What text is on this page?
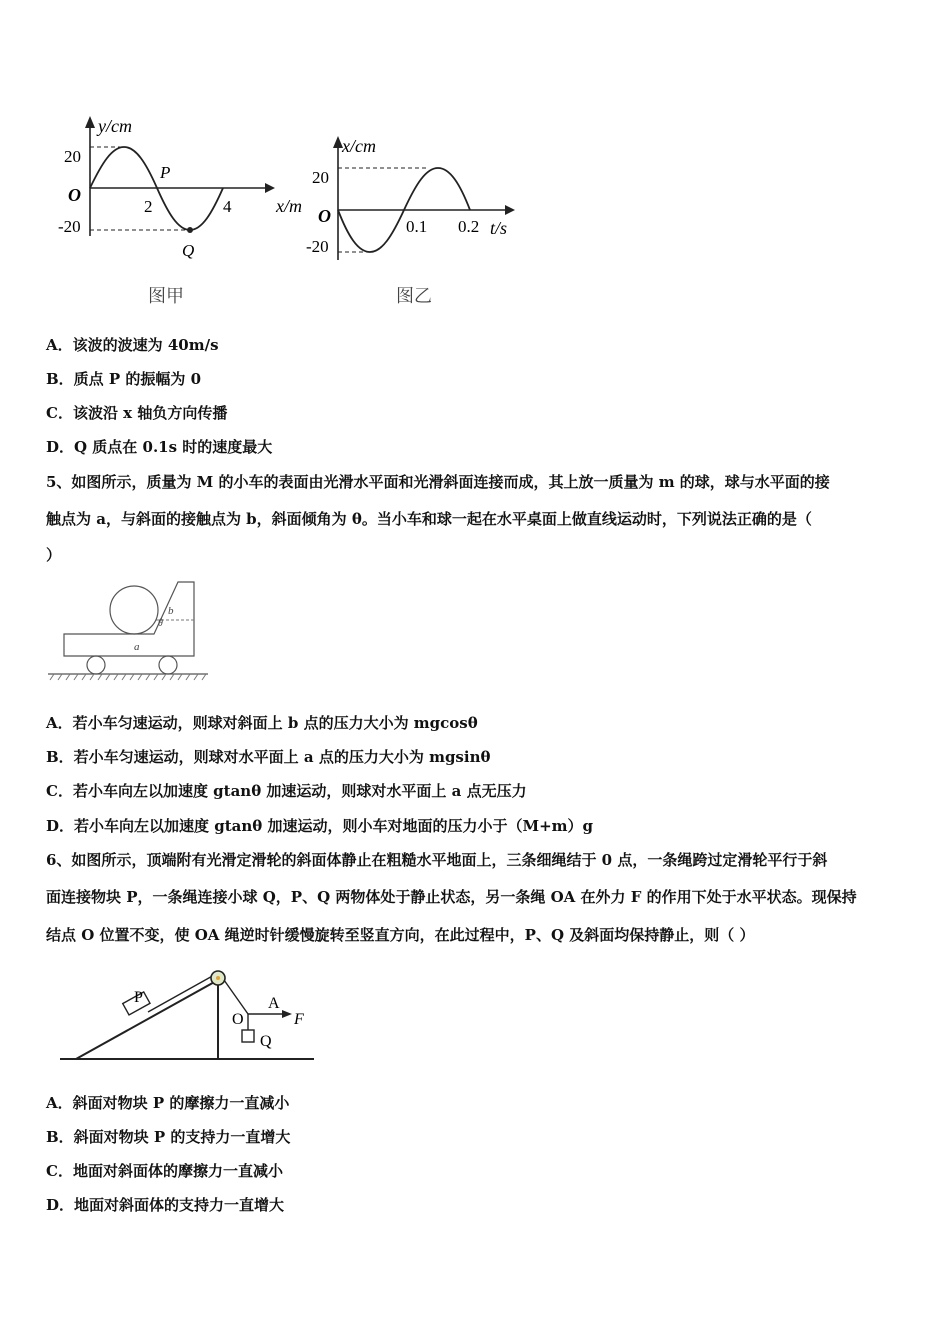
y/cm
x/m
O
20
-20
2	4
P
Q
图甲
x/cm
t/s
O
20
-20
0.1 0.2
图乙
A．该波的波速为 40m/s
B．质点 P 的振幅为 0
C．该波沿 x 轴负方向传播
D．Q 质点在 0.1s 时的速度最大
5、如图所示，质量为 M 的小车的表面由光滑水平面和光滑斜面连接而成，其上放一质量为 m 的球，球与水平面的接
触点为 a，与斜面的接触点为 b，斜面倾角为 θ。当小车和球一起在水平桌面上做直线运动时，下列说法正确的是（
）
a
b
θ
A．若小车匀速运动，则球对斜面上 b 点的压力大小为 mgcosθ
B．若小车匀速运动，则球对水平面上 a 点的压力大小为 mgsinθ
C．若小车向左以加速度 gtanθ 加速运动，则球对水平面上 a 点无压力
D．若小车向左以加速度 gtanθ 加速运动，则小车对地面的压力小于（M+m）g
6、如图所示，顶端附有光滑定滑轮的斜面体静止在粗糙水平地面上，三条细绳结于 0 点，一条绳跨过定滑轮平行于斜
面连接物块 P，一条绳连接小球 Q，P、Q 两物体处于静止状态，另一条绳 OA 在外力 F 的作用下处于水平状态。现保持
结点 O 位置不变，使 OA 绳逆时针缓慢旋转至竖直方向，在此过程中，P、Q 及斜面均保持静止，则（ ）
P	A
O	F
Q
A．斜面对物块 P 的摩擦力一直减小
B．斜面对物块 P 的支持力一直增大
C．地面对斜面体的摩擦力一直减小
D．地面对斜面体的支持力一直增大
